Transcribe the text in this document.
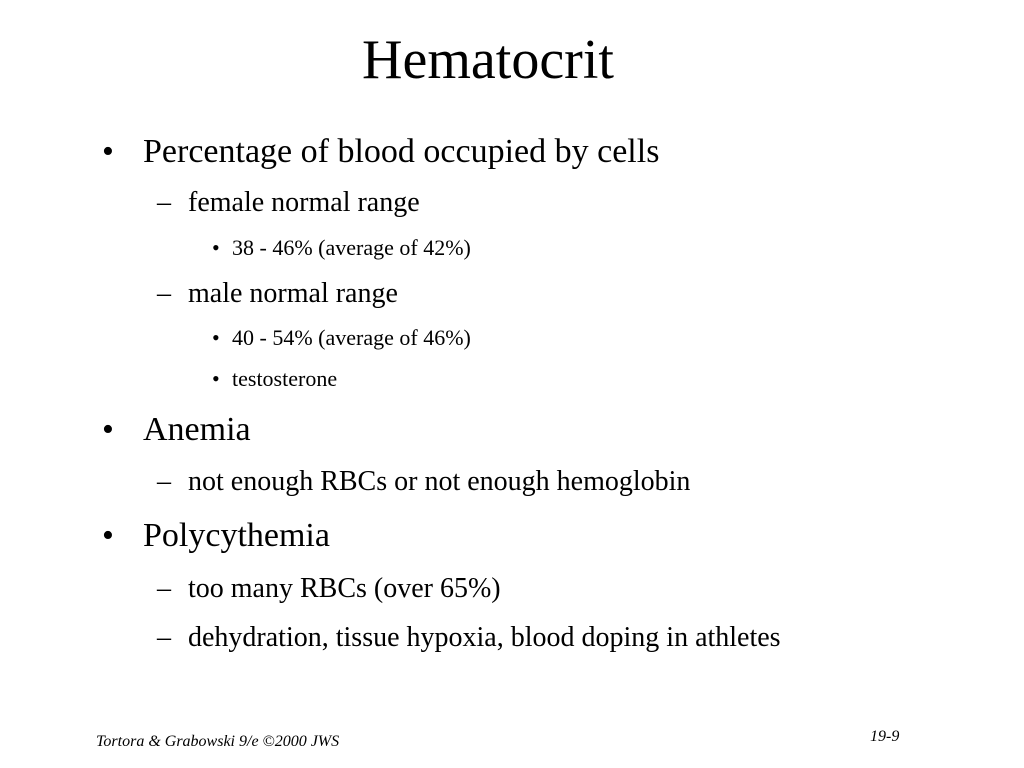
Hematocrit
• Percentage of blood occupied by cells
– female normal range
• 38 - 46% (average of 42%)
– male normal range
• 40 - 54% (average of 46%)
• testosterone
• Anemia
– not enough RBCs or not enough hemoglobin
• Polycythemia
– too many RBCs (over 65%)
– dehydration, tissue hypoxia, blood doping in athletes
Tortora & Grabowski 9/e ©2000 JWS	19-9
